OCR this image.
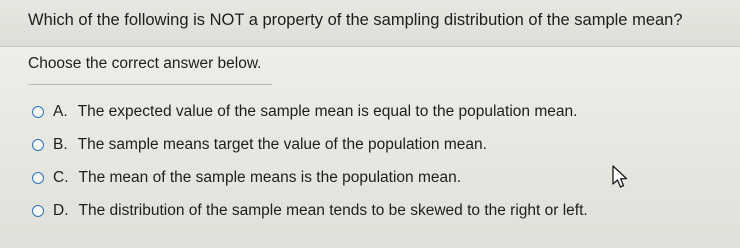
Which of the following is NOT a property of the sampling distribution of the sample mean?
Choose the correct answer below.
A. The expected value of the sample mean is equal to the population mean.
B. The sample means target the value of the population mean.
C. The mean of the sample means is the population mean.
D. The distribution of the sample mean tends to be skewed to the right or left.
